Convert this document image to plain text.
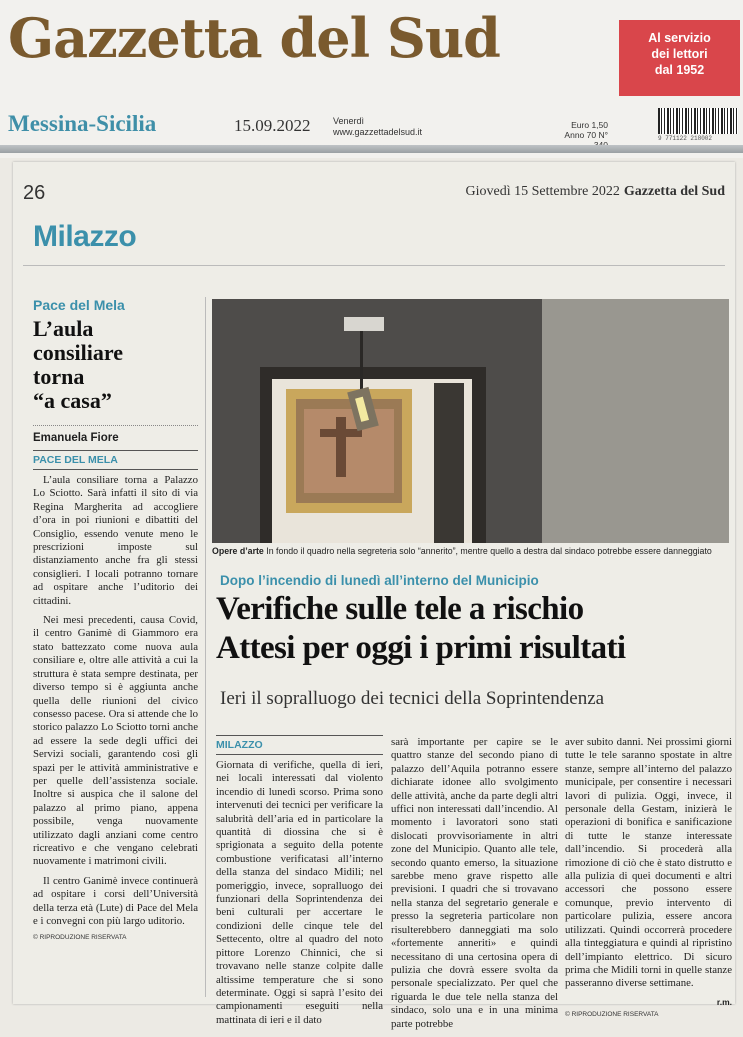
Gazzetta del Sud	Al servizio
dei lettori
dal 1952
Messina-Sicilia	15.09.2022	Venerdì
www.gazzettadelsud.it
Euro 1,50
Anno 70 N°	9 771122 218002
26	Giovedì 15 Settembre 2022 Gazzetta del Sud
Milazzo
Pace del Mela
L’aula
consiliare
torna
“a casa”
Emanuela Fiore
PACE DEL MELA

L’aula consiliare torna a Palazzo Lo Sciotto. Sarà infatti il sito di via Regina Margherita ad accogliere d’ora in poi riunioni e dibattiti del Consiglio, essendo venute meno le prescrizioni imposte sul distanziamento anche fra gli stessi consiglieri. I locali potranno tornare ad ospitare anche l’uditorio dei cittadini.

Nei mesi precedenti, causa Covid, il centro Ganimè di Giammoro era stato battezzato come nuova aula consiliare e, oltre alle attività a cui la struttura è stata sempre destinata, per diverso tempo si è aggiunta anche quella delle riunioni del civico consesso pacese. Ora si attende che lo storico palazzo Lo Sciotto torni anche ad essere la sede degli uffici dei Servizi sociali, garantendo così gli spazi per le attività amministrative e per quelle dell’assistenza sociale. Inoltre si auspica che il salone del palazzo al primo piano, appena possibile, venga nuovamente utilizzato dagli anziani come centro ricreativo e che vengano celebrati nuovamente i matrimoni civili.

Il centro Ganimè invece continuerà ad ospitare i corsi dell’Università della terza età (Lute) di Pace del Mela e i convegni con più largo uditorio.

© RIPRODUZIONE RISERVATA
Opere d’arte In fondo il quadro nella segreteria solo “annerito”, mentre quello a destra dal sindaco potrebbe essere danneggiato
Dopo l’incendio di lunedì all’interno del Municipio
Verifiche sulle tele a rischio
Attesi per oggi i primi risultati
Ieri il sopralluogo dei tecnici della Soprintendenza
MILAZZO

Giornata di verifiche, quella di ieri, nei locali interessati dal violento incendio di lunedì scorso. Prima sono intervenuti dei tecnici per verificare la salubrità dell’aria ed in particolare la quantità di diossina che si è sprigionata a seguito della potente combustione verificatasi all’interno della stanza del sindaco Midili; nel pomeriggio, invece, sopralluogo dei funzionari della Soprintendenza dei beni culturali per accertare le condizioni delle cinque tele del Settecento, oltre al quadro del noto pittore Lorenzo Chinnici, che si trovavano nelle stanze colpite dalle altissime temperature che si sono determinate. Oggi si saprà l’esito dei campionamenti eseguiti nella mattinata di ieri e il dato

sarà importante per capire se le quattro stanze del secondo piano di palazzo dell’Aquila potranno essere dichiarate idonee allo svolgimento delle attività, anche da parte degli altri uffici non interessati dall’incendio. Al momento i lavoratori sono stati dislocati provvisoriamente in altri zone del Municipio. Quanto alle tele, secondo quanto emerso, la situazione sarebbe meno grave rispetto alle previsioni. I quadri che si trovavano nella stanza del segretario generale e presso la segreteria particolare non risulterebbero danneggiati ma solo «fortemente anneriti» e quindi necessitano di una certosina opera di pulizia che dovrà essere svolta da personale specializzato. Per quel che riguarda le due tele nella stanza del sindaco, solo una e in una minima parte potrebbe

aver subito danni. Nei prossimi giorni tutte le tele saranno spostate in altre stanze, sempre all’interno del palazzo municipale, per consentire i necessari lavori di pulizia. Oggi, invece, il personale della Gestam, inizierà le operazioni di bonifica e sanificazione di tutte le stanze interessate dall’incendio. Si procederà alla rimozione di ciò che è stato distrutto e alla pulizia di quei documenti e altri accessori che possono essere comunque, previo intervento di particolare pulizia, essere ancora utilizzati. Quindi occorrerà procedere alla tinteggiatura e quindi al ripristino dell’impianto elettrico. Di sicuro prima che Midili torni in quelle stanze passeranno diverse settimane.

r.m.
© RIPRODUZIONE RISERVATA
